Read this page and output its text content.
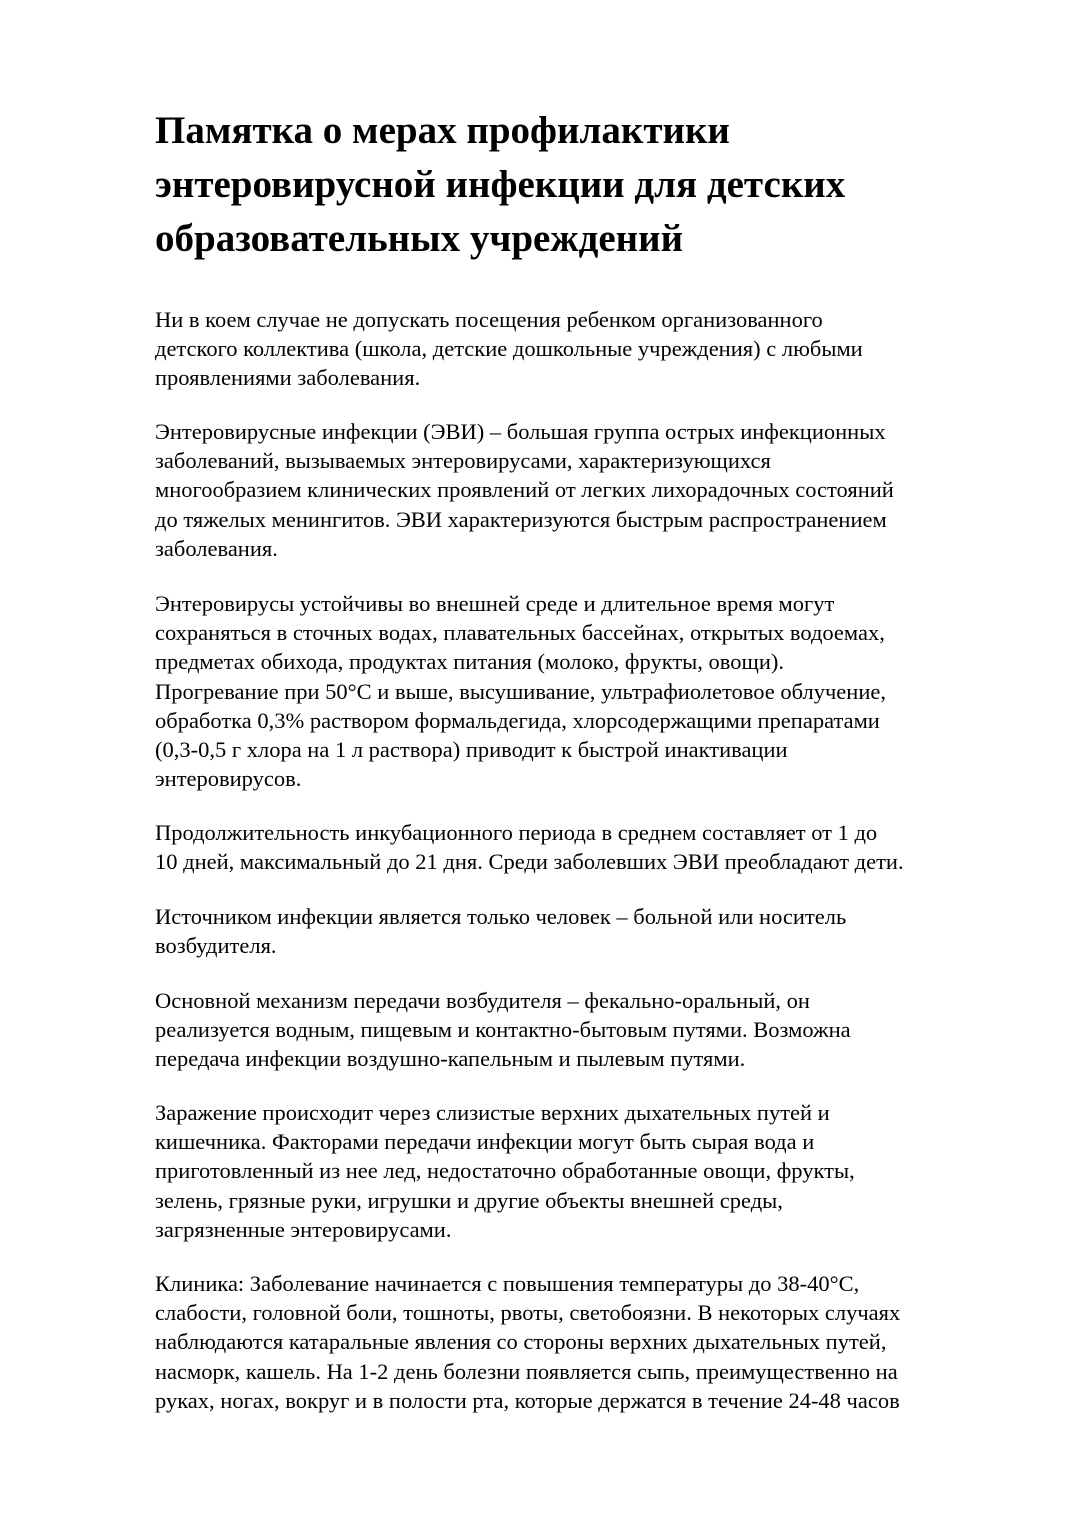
Памятка о мерах профилактики
энтеровирусной инфекции для детских
образовательных учреждений

Ни в коем случае не допускать посещения ребенком организованного
детского коллектива (школа, детские дошкольные учреждения) с любыми
проявлениями заболевания.

Энтеровирусные инфекции (ЭВИ) – большая группа острых инфекционных
заболеваний, вызываемых энтеровирусами, характеризующихся
многообразием клинических проявлений от легких лихорадочных состояний
до тяжелых менингитов. ЭВИ характеризуются быстрым распространением
заболевания.

Энтеровирусы устойчивы во внешней среде и длительное время могут
сохраняться в сточных водах, плавательных бассейнах, открытых водоемах,
предметах обихода, продуктах питания (молоко, фрукты, овощи).
Прогревание при 50°С и выше, высушивание, ультрафиолетовое облучение,
обработка 0,3% раствором формальдегида, хлорсодержащими препаратами
(0,3-0,5 г хлора на 1 л раствора) приводит к быстрой инактивации
энтеровирусов.

Продолжительность инкубационного периода в среднем составляет от 1 до
10 дней, максимальный до 21 дня. Среди заболевших ЭВИ преобладают дети.

Источником инфекции является только человек – больной или носитель
возбудителя.

Основной механизм передачи возбудителя – фекально-оральный, он
реализуется водным, пищевым и контактно-бытовым путями. Возможна
передача инфекции воздушно-капельным и пылевым путями.

Заражение происходит через слизистые верхних дыхательных путей и
кишечника. Факторами передачи инфекции могут быть сырая вода и
приготовленный из нее лед, недостаточно обработанные овощи, фрукты,
зелень, грязные руки, игрушки и другие объекты внешней среды,
загрязненные энтеровирусами.

Клиника: Заболевание начинается с повышения температуры до 38-40°С,
слабости, головной боли, тошноты, рвоты, светобоязни. В некоторых случаях
наблюдаются катаральные явления со стороны верхних дыхательных путей,
насморк, кашель. На 1-2 день болезни появляется сыпь, преимущественно на
руках, ногах, вокруг и в полости рта, которые держатся в течение 24-48 часов
